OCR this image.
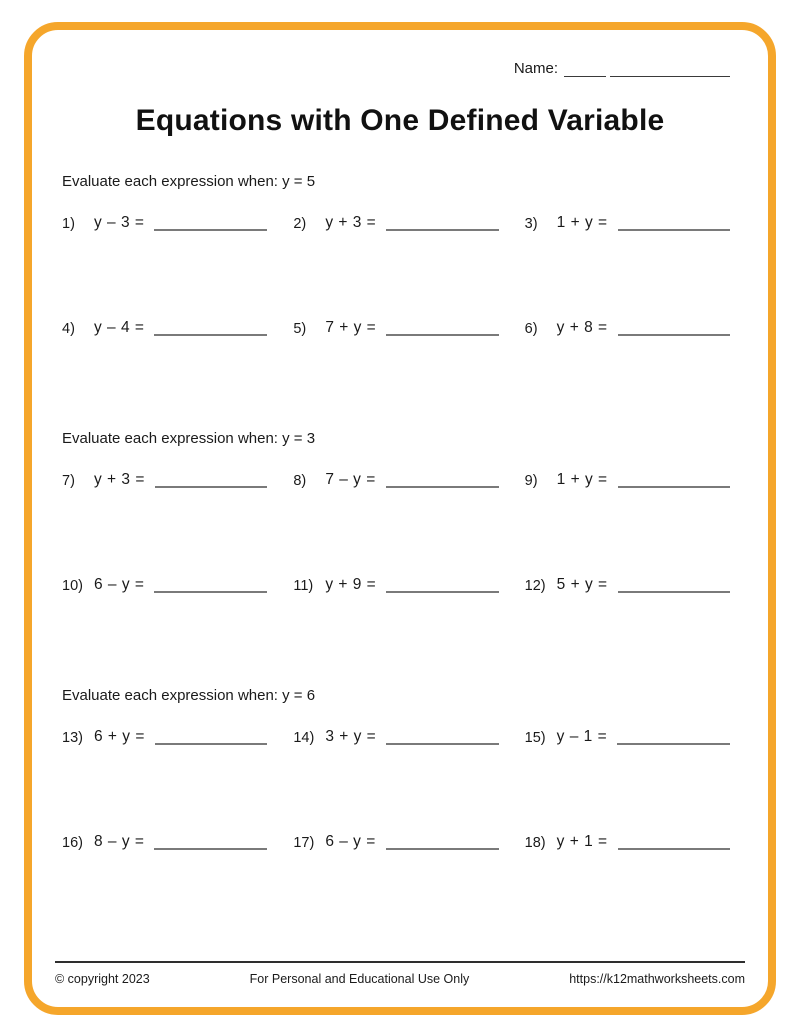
Name:
Equations with One Defined Variable

Evaluate each expression when: y = 5

1)	y – 3 =	2)	y + 3 =	3)	1 + y =
4)	y – 4 =	5)	7 + y =	6)	y + 8 =

Evaluate each expression when: y = 3

7)	y + 3 =	8)	7 – y =	9)	1 + y =
10) 6 – y =	11) y + 9 =	12) 5 + y =

Evaluate each expression when: y = 6

13) 6 + y =	14) 3 + y =	15) y – 1 =
16) 8 – y =	17) 6 – y =	18) y + 1 =
© copyright 2023	For Personal and Educational Use Only	https://k12mathworksheets.com
